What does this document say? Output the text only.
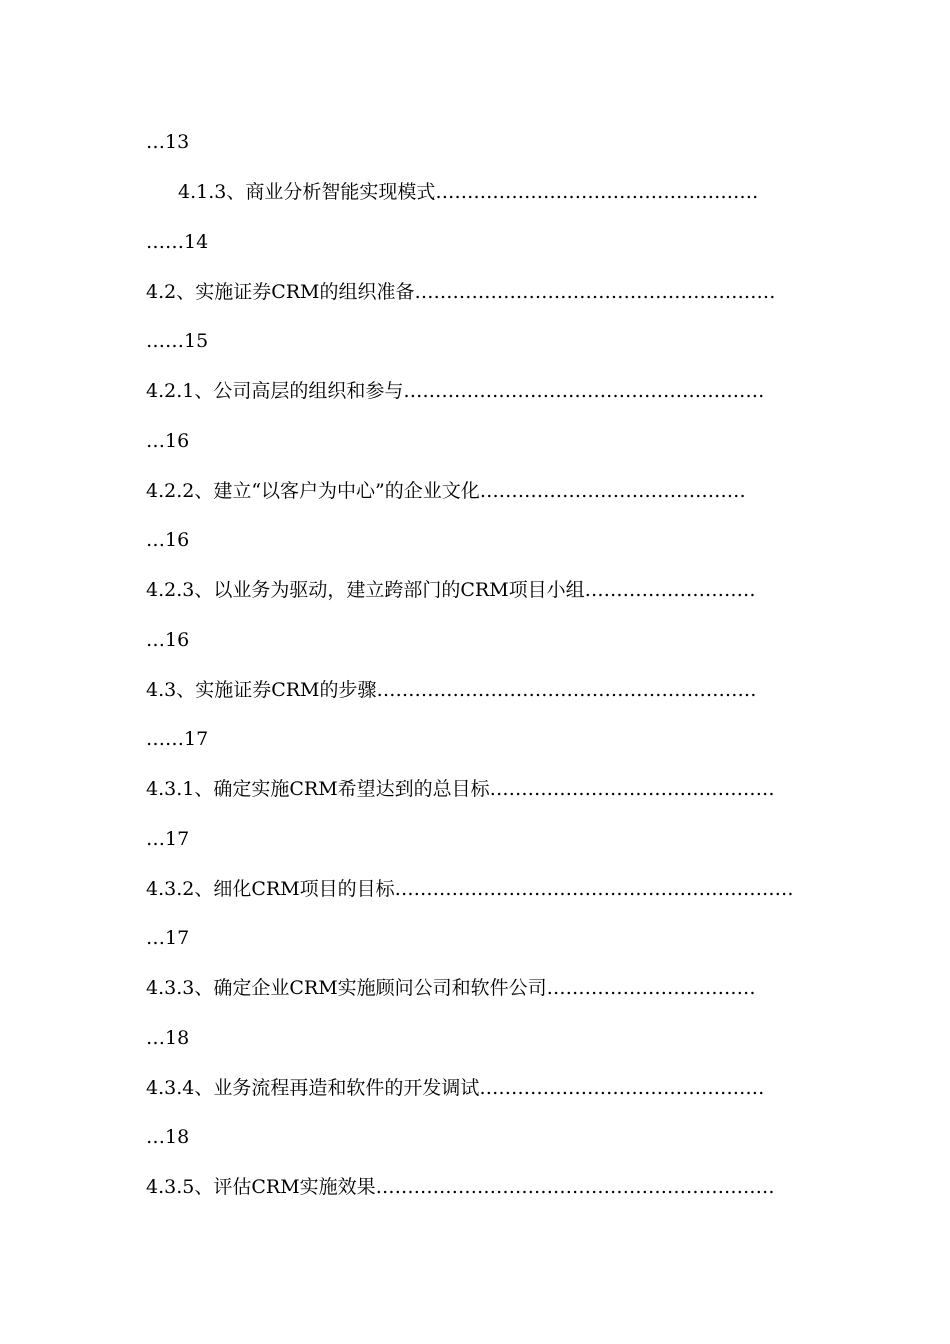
…13
4.1.3、商业分析智能实现模式……………………………………………
……14
4.2、实施证券CRM的组织准备…………………………………………………
……15
4.2.1、公司高层的组织和参与…………………………………………………
…16
4.2.2、建立“以客户为中心”的企业文化……………………………………
…16
4.2.3、以业务为驱动，建立跨部门的CRM项目小组………………………
…16
4.3、实施证券CRM的步骤……………………………………………………
……17
4.3.1、确定实施CRM希望达到的总目标………………………………………
…17
4.3.2、细化CRM项目的目标………………………………………………………
…17
4.3.3、确定企业CRM实施顾问公司和软件公司……………………………
…18
4.3.4、业务流程再造和软件的开发调试………………………………………
…18
4.3.5、评估CRM实施效果………………………………………………………
